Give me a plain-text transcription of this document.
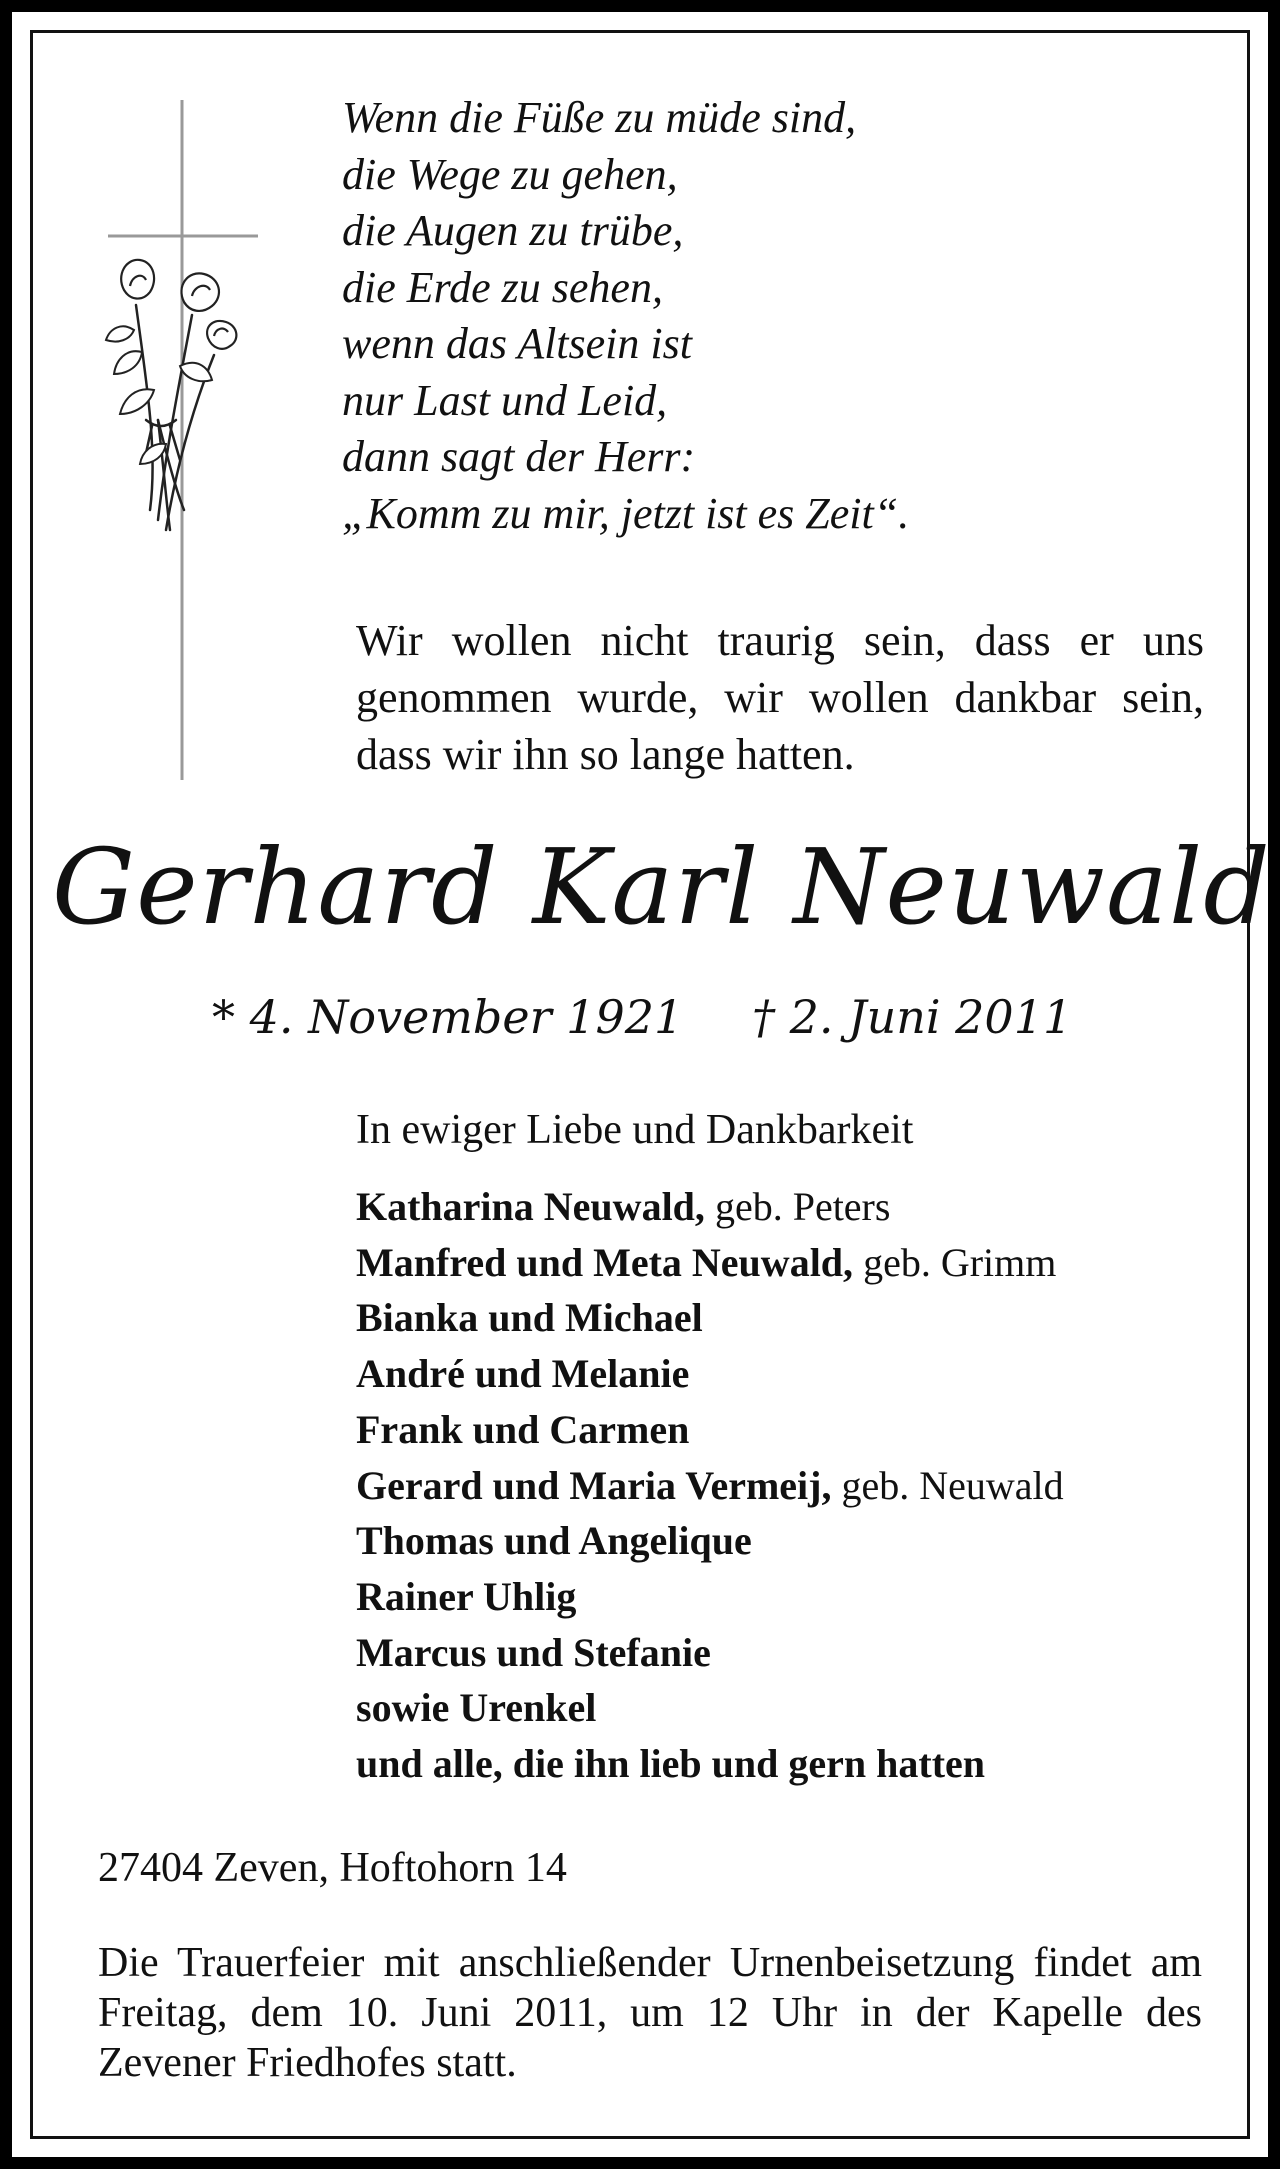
Wenn die Füße zu müde sind,
die Wege zu gehen,
die Augen zu trübe,
die Erde zu sehen,
wenn das Altsein ist
nur Last und Leid,
dann sagt der Herr:
„Komm zu mir, jetzt ist es Zeit“.
Wir wollen nicht traurig sein, dass er uns genommen wurde, wir wollen dankbar sein, dass wir ihn so lange hatten.
Gerhard Karl Neuwald
* 4. November 1921 † 2. Juni 2011
In ewiger Liebe und Dankbarkeit
Katharina Neuwald, geb. Peters
Manfred und Meta Neuwald, geb. Grimm
Bianka und Michael
André und Melanie
Frank und Carmen
Gerard und Maria Vermeij, geb. Neuwald
Thomas und Angelique
Rainer Uhlig
Marcus und Stefanie
sowie Urenkel
und alle, die ihn lieb und gern hatten
27404 Zeven, Hoftohorn 14
Die Trauerfeier mit anschließender Urnenbeisetzung findet am Freitag, dem 10. Juni 2011, um 12 Uhr in der Kapelle des Zevener Friedhofes statt.
